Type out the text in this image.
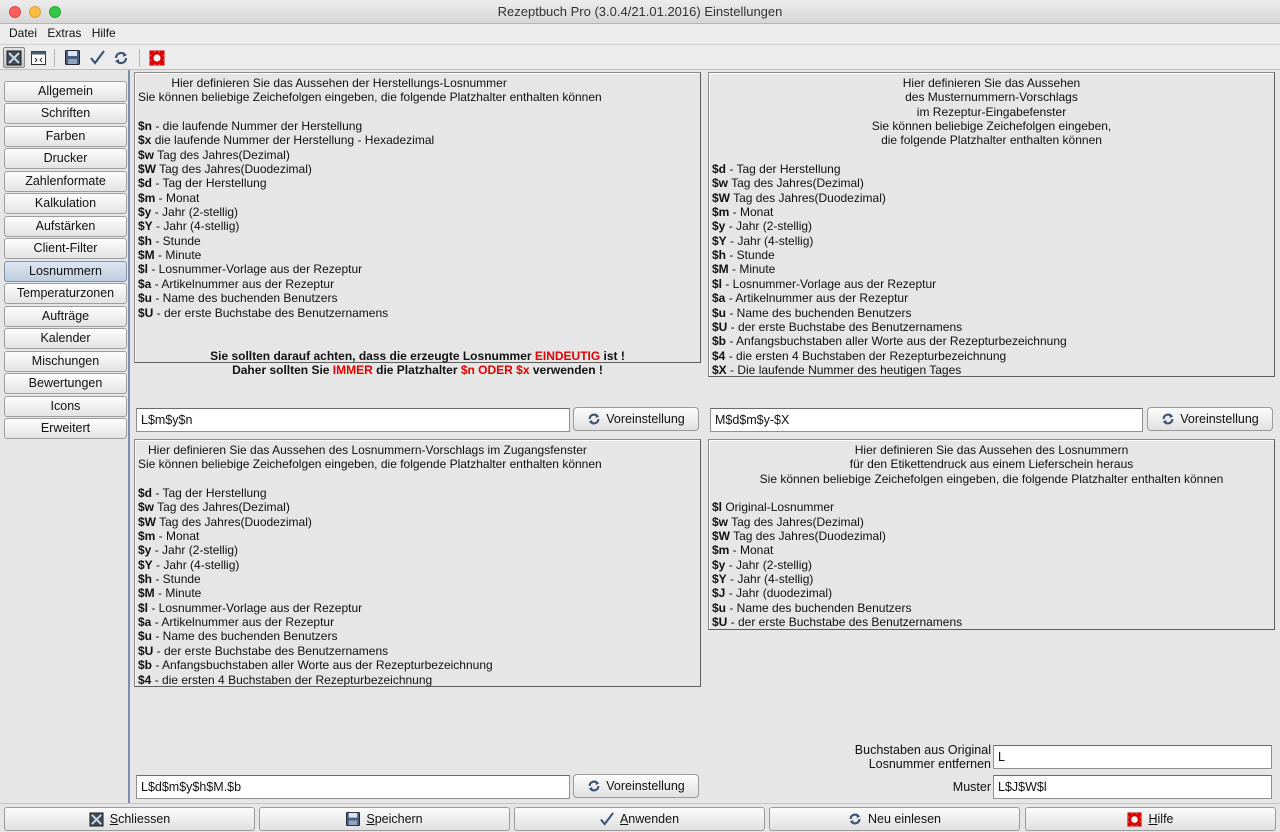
Rezeptbuch Pro (3.0.4/21.01.2016) Einstellungen
Datei Extras Hilfe
Allgemein
Schriften
Farben
Drucker
Zahlenformate
Kalkulation
Aufstärken
Client-Filter
Losnummern
Temperaturzonen
Aufträge
Kalender
Mischungen
Bewertungen
Icons
Erweitert
Hier definieren Sie das Aussehen der Herstellungs-Losnummer
Sie können beliebige Zeichefolgen eingeben, die folgende Platzhalter enthalten können
$n - die laufende Nummer der Herstellung
$x die laufende Nummer der Herstellung - Hexadezimal
$w Tag des Jahres(Dezimal)
$W Tag des Jahres(Duodezimal)
$d - Tag der Herstellung
$m - Monat
$y - Jahr (2-stellig)
$Y - Jahr (4-stellig)
$h - Stunde
$M - Minute
$l - Losnummer-Vorlage aus der Rezeptur
$a - Artikelnummer aus der Rezeptur
$u - Name des buchenden Benutzers
$U - der erste Buchstabe des Benutzernamens
Sie sollten darauf achten, dass die erzeugte Losnummer EINDEUTIG ist !
Daher sollten Sie IMMER die Platzhalter $n ODER $x verwenden !
L$m$y$n	Voreinstellung
Hier definieren Sie das Aussehen
des Musternummern-Vorschlags
im Rezeptur-Eingabefenster
Sie können beliebige Zeichefolgen eingeben,
die folgende Platzhalter enthalten können
$d - Tag der Herstellung
$w Tag des Jahres(Dezimal)
$W Tag des Jahres(Duodezimal)
$m - Monat
$y - Jahr (2-stellig)
$Y - Jahr (4-stellig)
$h - Stunde
$M - Minute
$l - Losnummer-Vorlage aus der Rezeptur
$a - Artikelnummer aus der Rezeptur
$u - Name des buchenden Benutzers
$U - der erste Buchstabe des Benutzernamens
$b - Anfangsbuchstaben aller Worte aus der Rezepturbezeichnung
$4 - die ersten 4 Buchstaben der Rezepturbezeichnung
$X - Die laufende Nummer des heutigen Tages
M$d$m$y-$X	Voreinstellung
Hier definieren Sie das Aussehen des Losnummern-Vorschlags im Zugangsfenster
Sie können beliebige Zeichefolgen eingeben, die folgende Platzhalter enthalten können
$d - Tag der Herstellung
$w Tag des Jahres(Dezimal)
$W Tag des Jahres(Duodezimal)
$m - Monat
$y - Jahr (2-stellig)
$Y - Jahr (4-stellig)
$h - Stunde
$M - Minute
$l - Losnummer-Vorlage aus der Rezeptur
$a - Artikelnummer aus der Rezeptur
$u - Name des buchenden Benutzers
$U - der erste Buchstabe des Benutzernamens
$b - Anfangsbuchstaben aller Worte aus der Rezepturbezeichnung
$4 - die ersten 4 Buchstaben der Rezepturbezeichnung
L$d$m$y$h$M.$b	Voreinstellung
Hier definieren Sie das Aussehen des Losnummern
für den Etikettendruck aus einem Lieferschein heraus
Sie können beliebige Zeichefolgen eingeben, die folgende Platzhalter enthalten können
$l Original-Losnummer
$w Tag des Jahres(Dezimal)
$W Tag des Jahres(Duodezimal)
$m - Monat
$y - Jahr (2-stellig)
$Y - Jahr (4-stellig)
$J - Jahr (duodezimal)
$u - Name des buchenden Benutzers
$U - der erste Buchstabe des Benutzernamens
Buchstaben aus Original
Losnummer entfernen L
Muster L$J$W$l
Schliessen	Speichern	Anwenden	Neu einlesen	Hilfe
